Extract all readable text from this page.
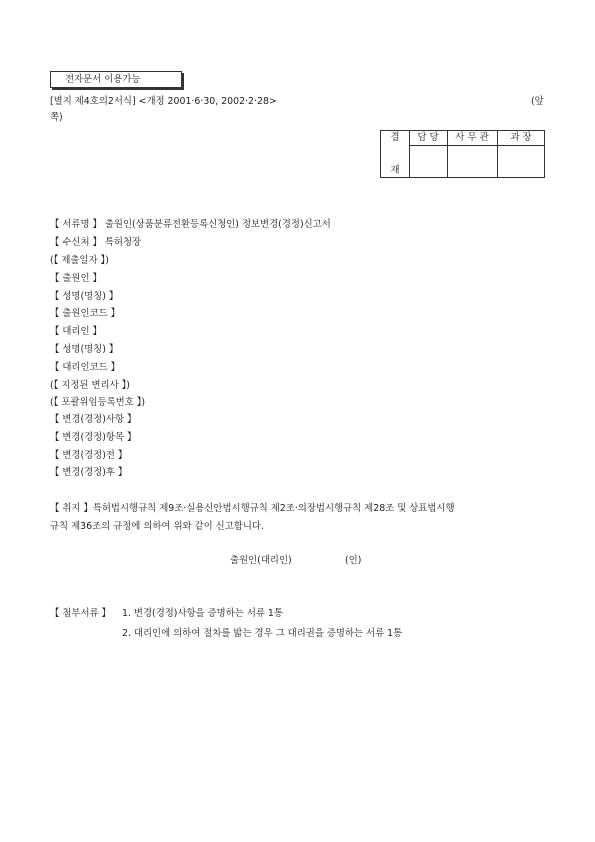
전자문서 이용가능
[별지 제4호의2서식] <개정 2001·6·30, 2002·2·28>	(앞
쪽)
결
재
담 당	사 무 관	과 장
【 서류명 】 출원인(상품분류전환등록신청인) 정보변경(경정)신고서
【 수신처 】 특허청장
(【 제출일자 】)
【 출원인 】
【 성명(명칭) 】
【 출원인코드 】
【 대리인 】
【 성명(명칭) 】
【 대리인코드 】
(【 지정된 변리사 】)
(【 포괄위임등록번호 】)
【 변경(경정)사항 】
【 변경(경정)항목 】
【 변경(경정)전 】
【 변경(경정)후 】
【 취지 】특허법시행규칙 제9조·실용신안법시행규칙 제2조·의장법시행규칙 제28조 및 상표법시행
규칙 제36조의 규정에 의하여 위와 같이 신고합니다.
출원인(대리인)	(인)
【 첨부서류 】 1. 변경(경정)사항을 증명하는 서류 1통
2. 대리인에 의하여 절차를 밟는 경우 그 대리권을 증명하는 서류 1통
